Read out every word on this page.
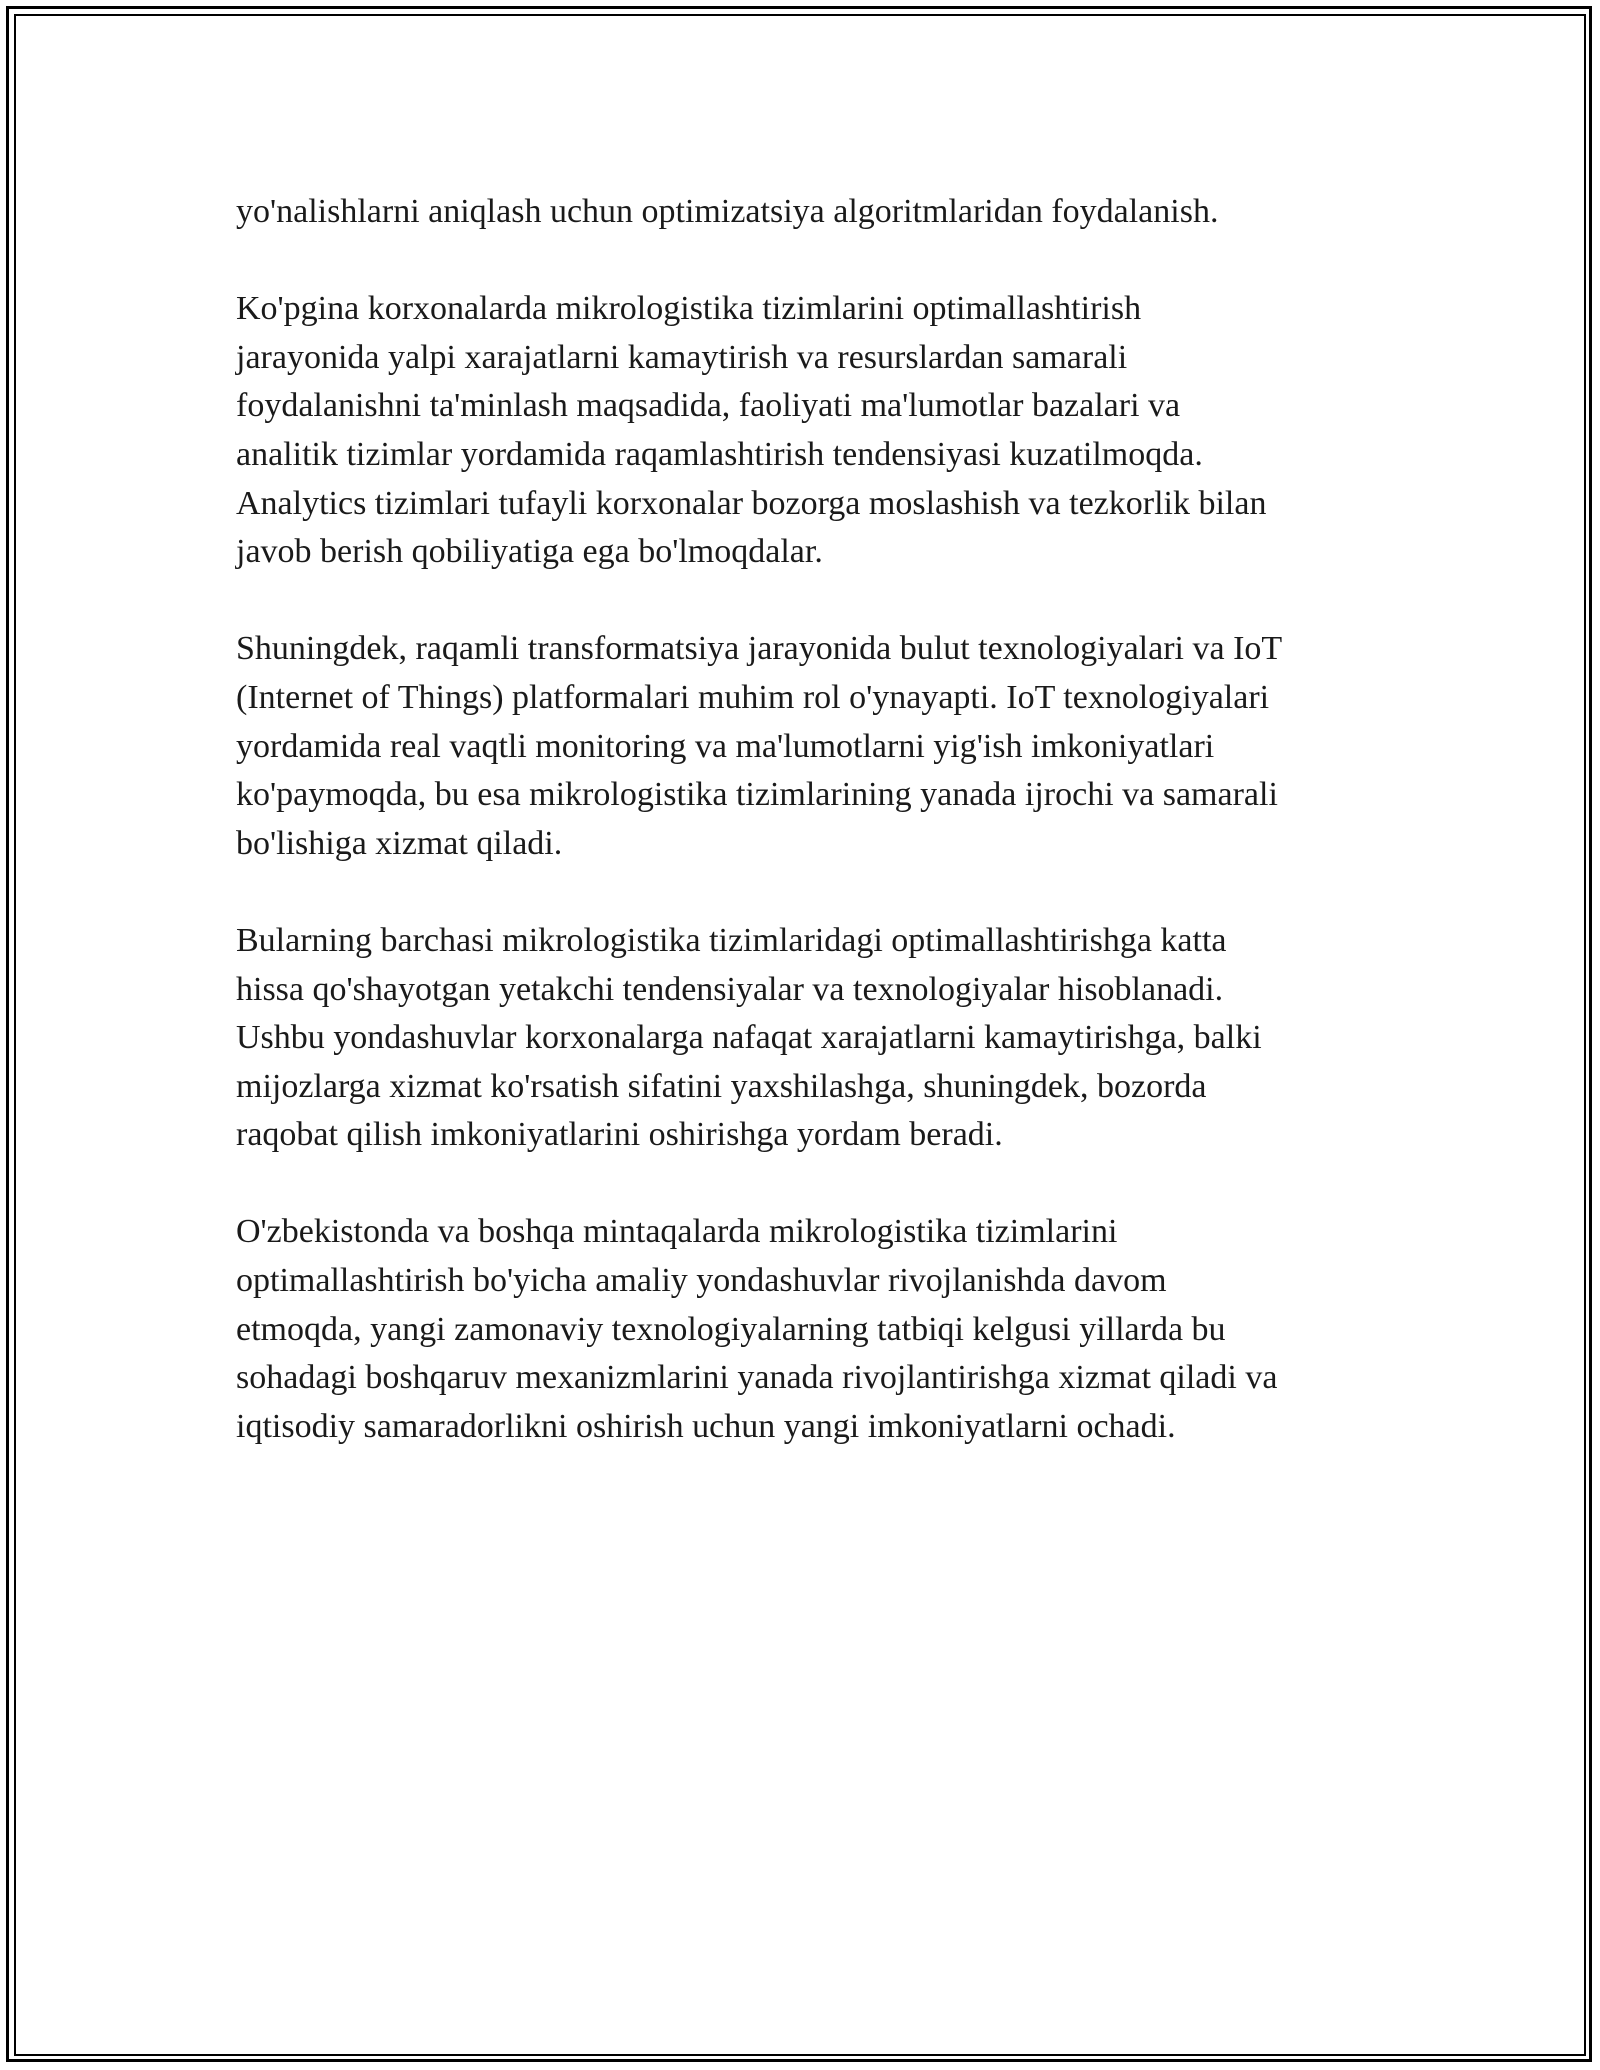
yo'nalishlarni aniqlash uchun optimizatsiya algoritmlaridan foydalanish.

Ko'pgina korxonalarda mikrologistika tizimlarini optimallashtirish
jarayonida yalpi xarajatlarni kamaytirish va resurslardan samarali
foydalanishni ta'minlash maqsadida, faoliyati ma'lumotlar bazalari va
analitik tizimlar yordamida raqamlashtirish tendensiyasi kuzatilmoqda.
Analytics tizimlari tufayli korxonalar bozorga moslashish va tezkorlik bilan
javob berish qobiliyatiga ega bo'lmoqdalar.

Shuningdek, raqamli transformatsiya jarayonida bulut texnologiyalari va IoT
(Internet of Things) platformalari muhim rol o'ynayapti. IoT texnologiyalari
yordamida real vaqtli monitoring va ma'lumotlarni yig'ish imkoniyatlari
ko'paymoqda, bu esa mikrologistika tizimlarining yanada ijrochi va samarali
bo'lishiga xizmat qiladi.

Bularning barchasi mikrologistika tizimlaridagi optimallashtirishga katta
hissa qo'shayotgan yetakchi tendensiyalar va texnologiyalar hisoblanadi.
Ushbu yondashuvlar korxonalarga nafaqat xarajatlarni kamaytirishga, balki
mijozlarga xizmat ko'rsatish sifatini yaxshilashga, shuningdek, bozorda
raqobat qilish imkoniyatlarini oshirishga yordam beradi.

O'zbekistonda va boshqa mintaqalarda mikrologistika tizimlarini
optimallashtirish bo'yicha amaliy yondashuvlar rivojlanishda davom
etmoqda, yangi zamonaviy texnologiyalarning tatbiqi kelgusi yillarda bu
sohadagi boshqaruv mexanizmlarini yanada rivojlantirishga xizmat qiladi va
iqtisodiy samaradorlikni oshirish uchun yangi imkoniyatlarni ochadi.
